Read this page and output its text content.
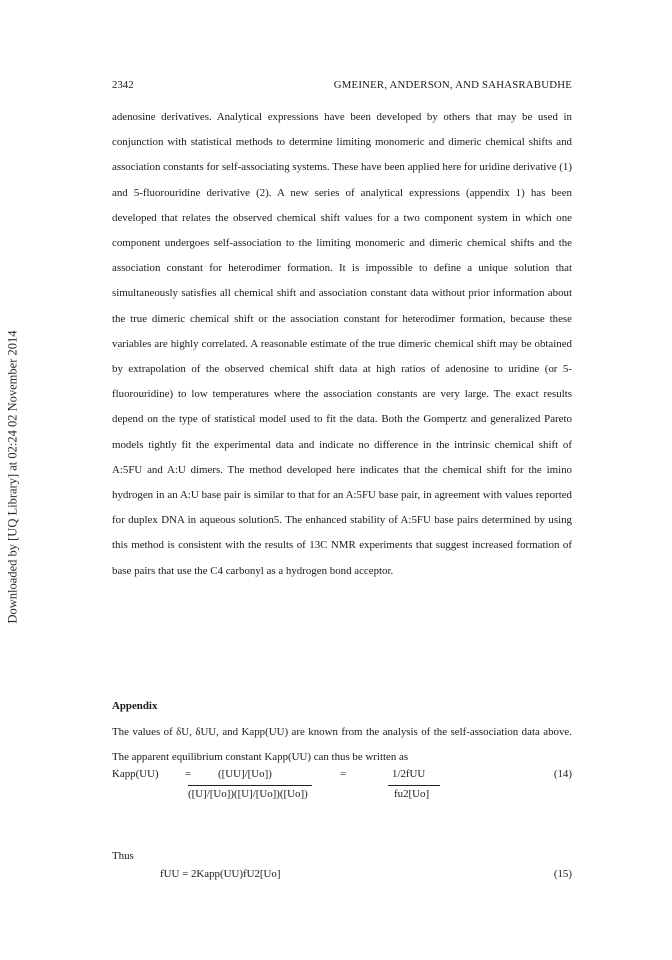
Downloaded by [UQ Library] at 02:24 02 November 2014
2342	GMEINER, ANDERSON, AND SAHASRABUDHE

adenosine derivatives. Analytical expressions have been developed by others that may be used in conjunction with statistical methods to determine limiting monomeric and dimeric chemical shifts and association constants for self-associating systems. These have been applied here for uridine derivative (1) and 5-fluorouridine derivative (2). A new series of analytical expressions (appendix 1) has been developed that relates the observed chemical shift values for a two component system in which one component undergoes self-association to the limiting monomeric and dimeric chemical shifts and the association constant for heterodimer formation. It is impossible to define a unique solution that simultaneously satisfies all chemical shift and association constant data without prior information about the true dimeric chemical shift or the association constant for heterodimer formation, because these variables are highly correlated. A reasonable estimate of the true dimeric chemical shift may be obtained by extrapolation of the observed chemical shift data at high ratios of adenosine to uridine (or 5-fluorouridine) to low temperatures where the association constants are very large. The exact results depend on the type of statistical model used to fit the data. Both the Gompertz and generalized Pareto models tightly fit the experimental data and indicate no difference in the intrinsic chemical shift of A:5FU and A:U dimers. The method developed here indicates that the chemical shift for the imino hydrogen in an A:U base pair is similar to that for an A:5FU base pair, in agreement with values reported for duplex DNA in aqueous solution5. The enhanced stability of A:5FU base pairs determined by using this method is consistent with the results of 13C NMR experiments that suggest increased formation of base pairs that use the C4 carbonyl as a hydrogen bond acceptor.

Appendix

The values of δU, δUU, and Kapp(UU) are known from the analysis of the self-association data above. The apparent equilibrium constant Kapp(UU) can thus be written as

Kapp(UU) = ([UU]/[Uo])
([U]/[Uo])([U]/[Uo])([Uo])
=	1/2fUU
fu2[Uo]
(14)
Thus
fUU = 2Kapp(UU)fU2[Uo]	(15)
